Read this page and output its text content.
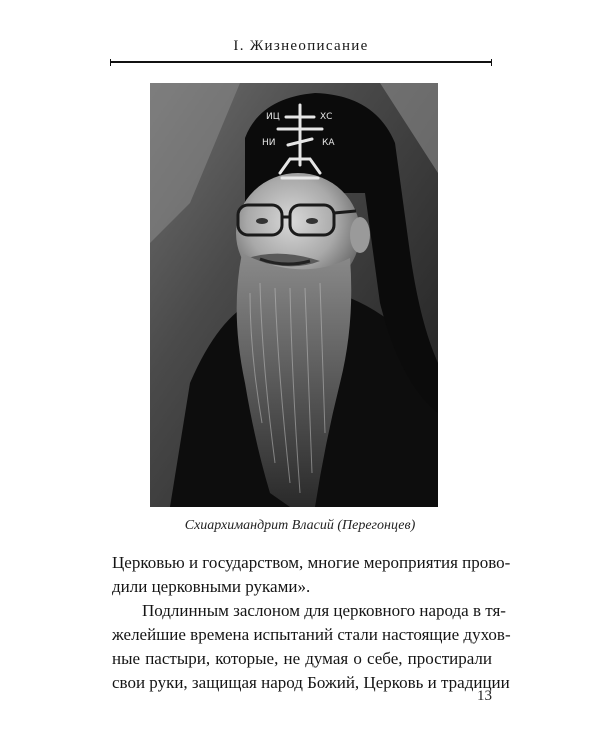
I. Жизнеописание
ИЦ	ХС
НИ	КА
Схиархимандрит Власий (Перегонцев)
Церковью и государством, многие мероприятия прово-
дили церковными руками».
Подлинным заслоном для церковного народа в тя-
желейшие времена испытаний стали настоящие духов-
ные пастыри, которые, не думая о себе, простирали
свои руки, защищая народ Божий, Церковь и традиции
13
